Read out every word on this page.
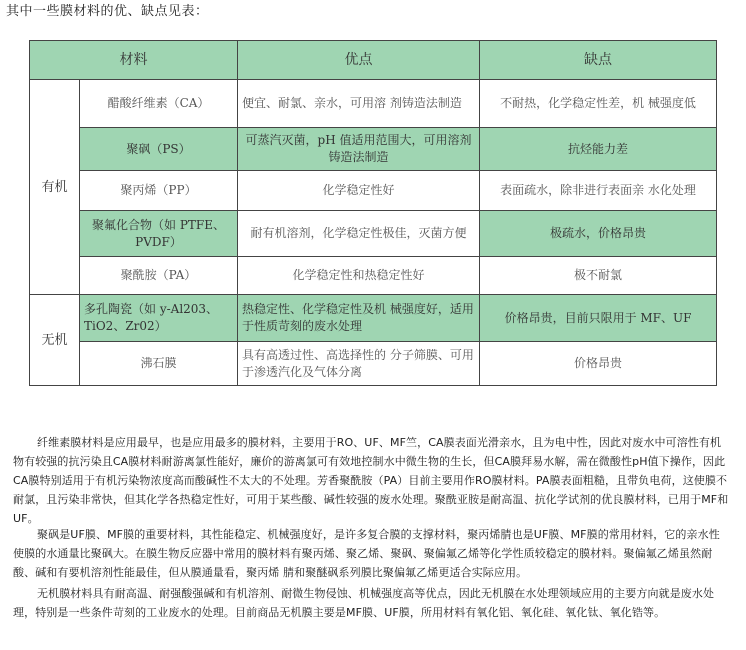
其中一些膜材料的优、缺点见表：
材料		优点	缺点
有机	醋酸纤维素（CA）	便宜、耐氯、亲水，可用溶 剂铸造法制造	不耐热，化学稳定性差，机 械强度低
	聚砜（PS）	可蒸汽灭菌，pH 值适用范围大，可用溶剂铸造法制造	抗烃能力差
	聚丙烯（PP）	化学稳定性好	表面疏水，除非进行表面亲 水化处理
	聚氟化合物（如 PTFE、PVDF）	耐有机溶剂，化学稳定性极佳，灭菌方便	极疏水，价格昂贵
	聚酰胺（PA）	化学稳定性和热稳定性好	极不耐氯
无机	多孔陶瓷（如 y-Al203、TiO2、Zr02）	热稳定性、化学稳定性及机 械强度好，适用于性质苛刻的废水处理	价格昂贵，目前只限用于 MF、UF
	沸石膜	具有高透过性、高选择性的 分子筛膜、可用于渗透汽化及气体分离	价格昂贵
纤维素膜材料是应用最早，也是应用最多的膜材料，主要用于RO、UF、MF竺，CA膜表面光滑亲水，且为电中性，因此对废水中可溶性有机物有较强的抗污染且CA膜材料耐游离氯性能好，廉价的游离氯可有效地控制水中微生物的生长，但CA膜拜易水解，需在微酸性pH值下操作，因此CA膜特别适用于有机污染物浓度高而酸碱性不太大的不处理。芳香聚酰胺（PA）目前主要用作RO膜材料。PA膜表面粗糙，且带负电荷，这使膜不耐氯，且污染非常快，但其化学各热稳定性好，可用于某些酸、碱性较强的废水处理。聚酰亚胺是耐高温、抗化学试剂的优良膜材料，已用于MF和UF。
聚砜是UF膜、MF膜的重要材料，其性能稳定、机械强度好，是许多复合膜的支撑材料，聚丙烯腈也是UF膜、MF膜的常用材料，它的亲水性使膜的水通量比聚砜大。在膜生物反应器中常用的膜材料有聚丙烯、聚乙烯、聚砜、聚偏氟乙烯等化学性质较稳定的膜材料。聚偏氟乙烯虽然耐酸、碱和有要机溶剂性能最佳，但从膜通量看，聚丙烯 腈和聚醚砜系列膜比聚偏氟乙烯更适合实际应用。
无机膜材料具有耐高温、耐强酸强碱和有机溶剂、耐微生物侵蚀、机械强度高等优点，因此无机膜在水处理领域应用的主要方向就是废水处理，特别是一些条件苛刻的工业废水的处理。目前商品无机膜主要是MF膜、UF膜，所用材料有氧化铝、氧化硅、氧化钛、氧化锆等。
